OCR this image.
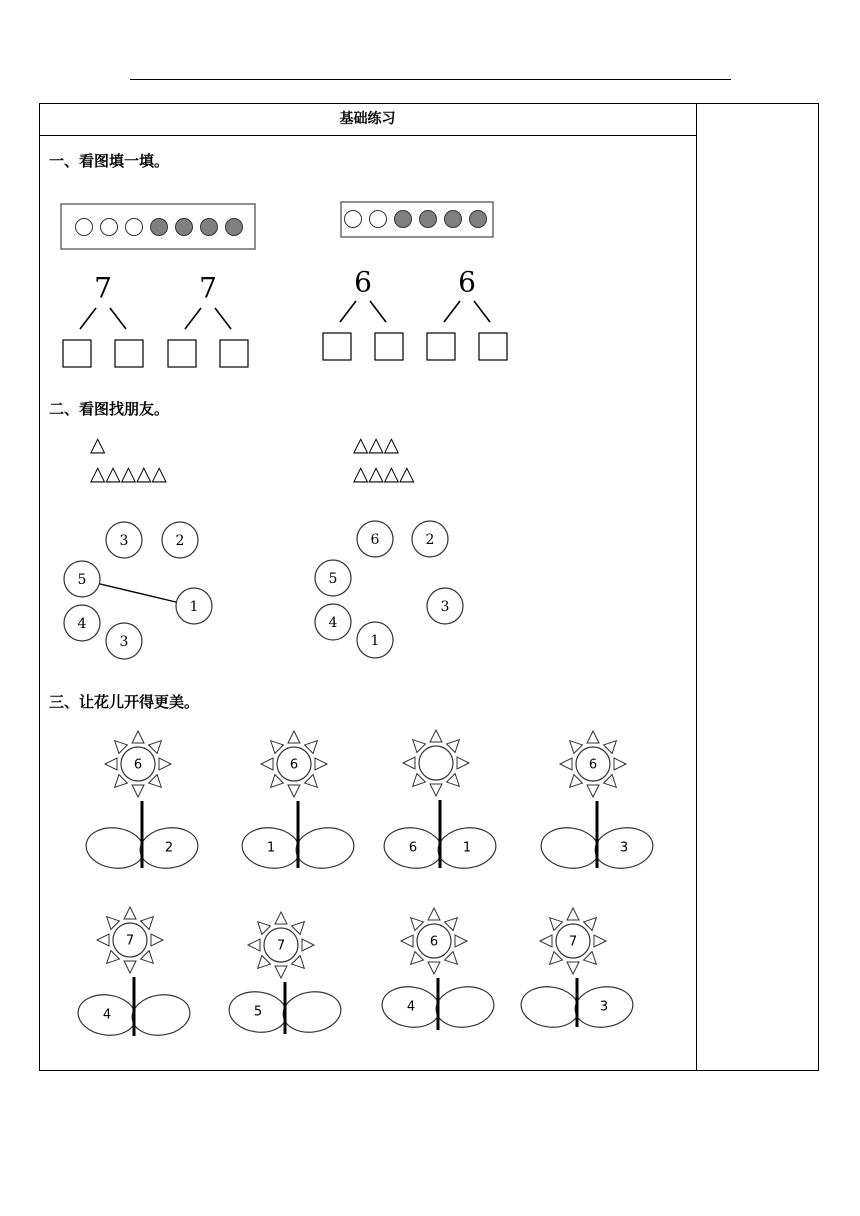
基础练习
一、看图填一填。
二、看图找朋友。
三、让花儿开得更美。
△
△△△△△
△△△
△△△△
7	7	6	6
3	2
5
1
4
3
6	2
5
3
4
1
6
2
6
1	6	1
6
3
7
4
7
5
6
4
7
3
